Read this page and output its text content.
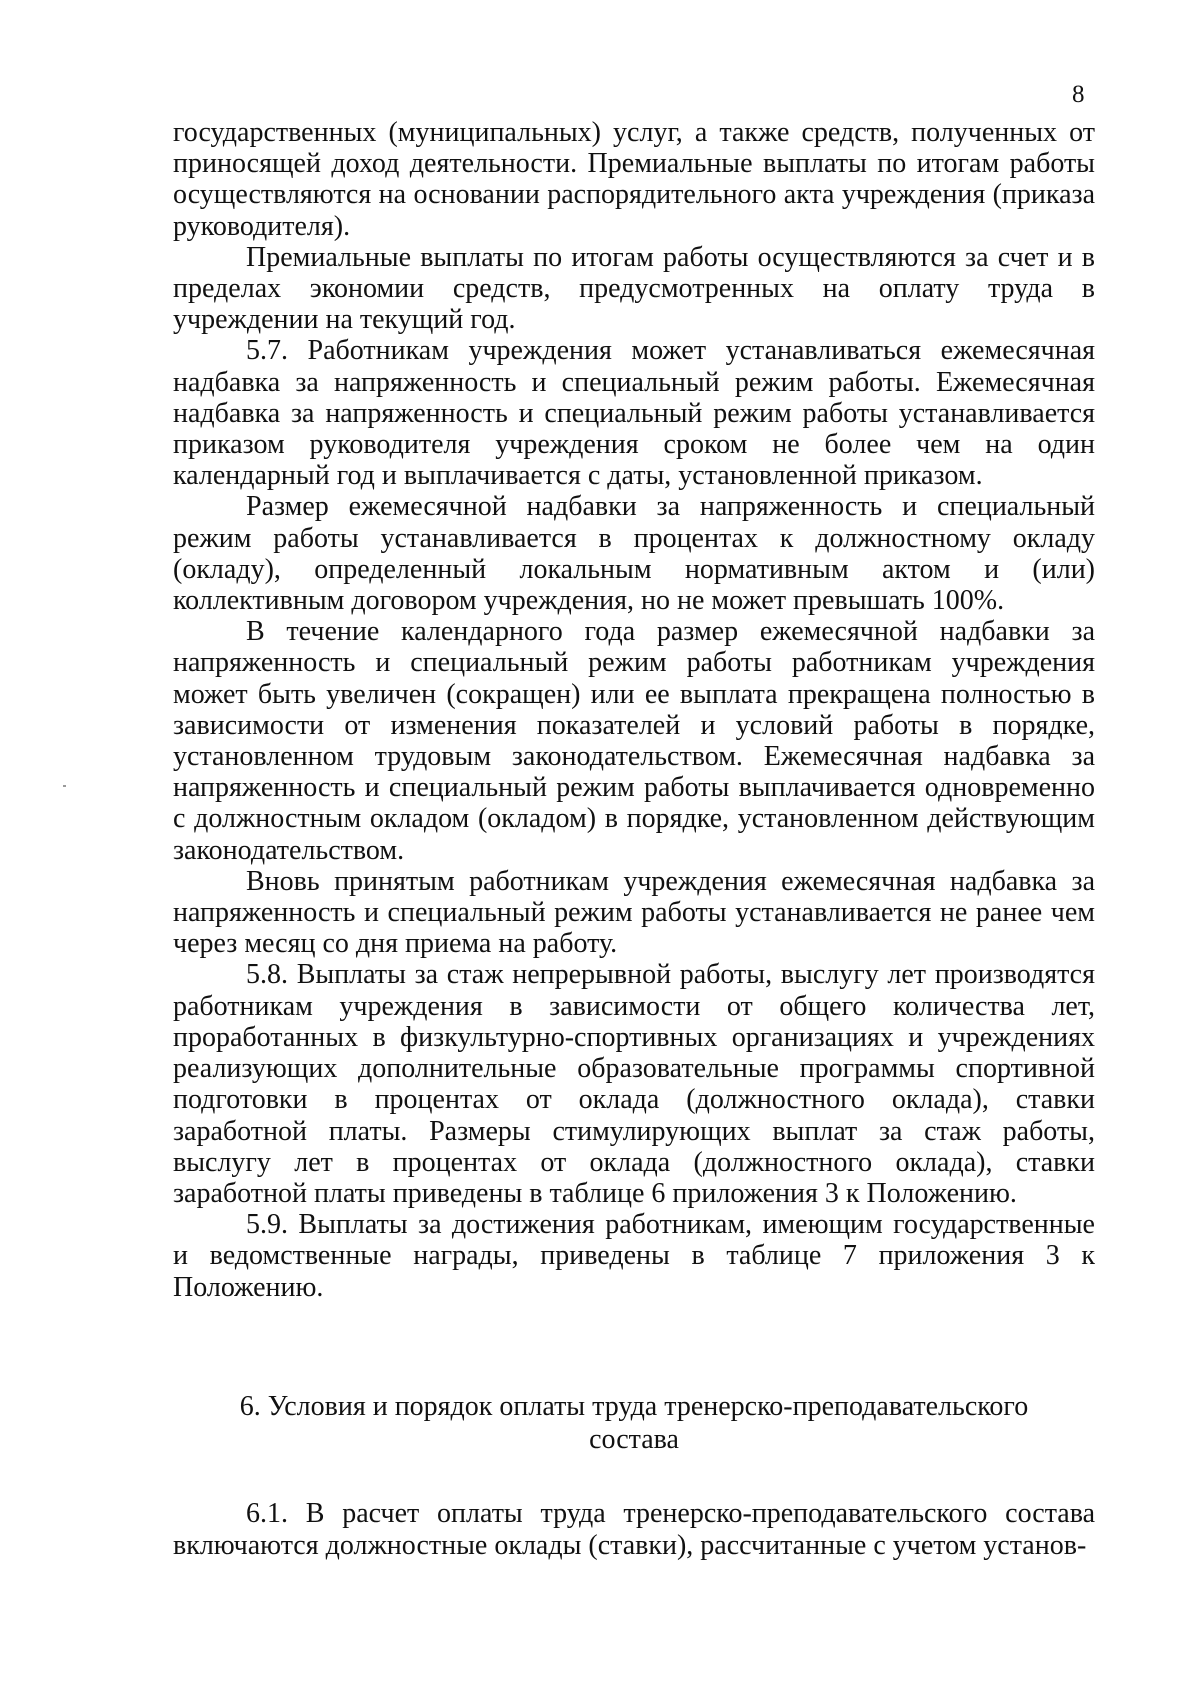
8

государственных (муниципальных) услуг, а также средств, полученных от приносящей доход деятельности. Премиальные выплаты по итогам работы осуществляются на основании распорядительного акта учреждения (приказа руководителя).

Премиальные выплаты по итогам работы осуществляются за счет и в пределах экономии средств, предусмотренных на оплату труда в учреждении на текущий год.

5.7. Работникам учреждения может устанавливаться ежемесячная надбавка за напряженность и специальный режим работы. Ежемесячная надбавка за напряженность и специальный режим работы устанавливается приказом руководителя учреждения сроком не более чем на один календарный год и выплачивается с даты, установленной приказом.

Размер ежемесячной надбавки за напряженность и специальный режим работы устанавливается в процентах к должностному окладу (окладу), определенный локальным нормативным актом и (или) коллективным договором учреждения, но не может превышать 100%.

В течение календарного года размер ежемесячной надбавки за напряженность и специальный режим работы работникам учреждения может быть увеличен (сокращен) или ее выплата прекращена полностью в зависимости от изменения показателей и условий работы в порядке, установленном трудовым законодательством. Ежемесячная надбавка за напряженность и специальный режим работы выплачивается одновременно с должностным окладом (окладом) в порядке, установленном действующим законодательством.

Вновь принятым работникам учреждения ежемесячная надбавка за напряженность и специальный режим работы устанавливается не ранее чем через месяц со дня приема на работу.

5.8. Выплаты за стаж непрерывной работы, выслугу лет производятся работникам учреждения в зависимости от общего количества лет, проработанных в физкультурно-спортивных организациях и учреждениях реализующих дополнительные образовательные программы спортивной подготовки в процентах от оклада (должностного оклада), ставки заработной платы. Размеры стимулирующих выплат за стаж работы, выслугу лет в процентах от оклада (должностного оклада), ставки заработной платы приведены в таблице 6 приложения 3 к Положению.

5.9. Выплаты за достижения работникам, имеющим государственные и ведомственные награды, приведены в таблице 7 приложения 3 к Положению.

6. Условия и порядок оплаты труда тренерско-преподавательского

состава

6.1. В расчет оплаты труда тренерско-преподавательского состава включаются должностные оклады (ставки), рассчитанные с учетом установ-
